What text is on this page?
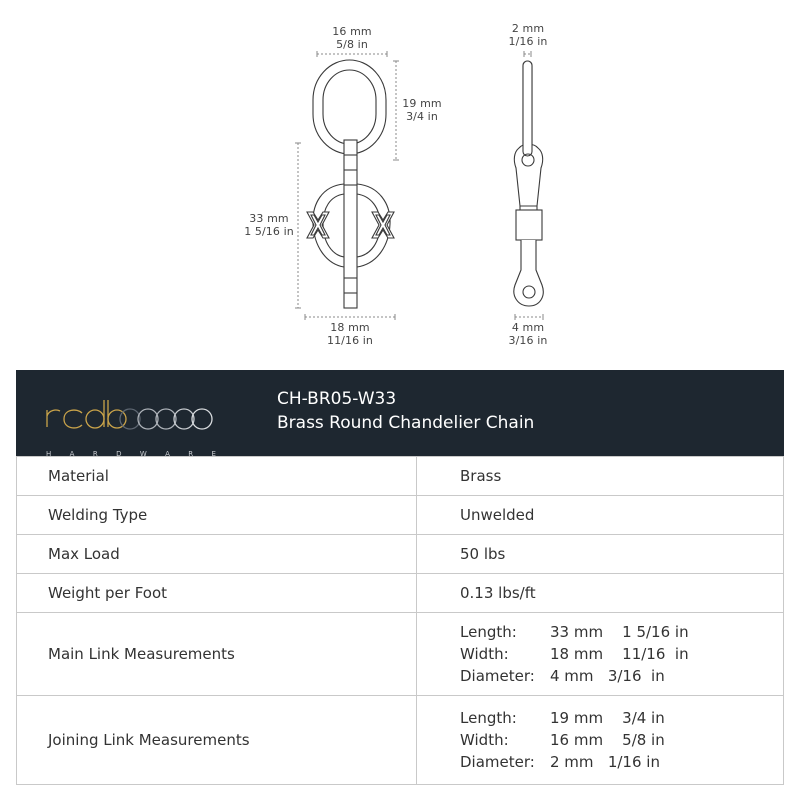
16 mm
5/8 in
19 mm
3/4 in
33 mm
1 5/16 in
18 mm
11/16 in
2 mm
1/16 in
4 mm
3/16 in
H	A	R	D	W	A	R	E
CH-BR05-W33
Brass Round Chandelier Chain
Material	Brass
Welding Type	Unwelded
Max Load	50 lbs
Weight per Foot	0.13 lbs/ft
Main Link Measurements	
Length:	33 mm    1 5/16 in
Width:	18 mm    11/16  in
Diameter:	4 mm   3/16  in

Joining Link Measurements	
Length:	19 mm    3/4 in
Width:	16 mm    5/8 in
Diameter:	2 mm   1/16 in
